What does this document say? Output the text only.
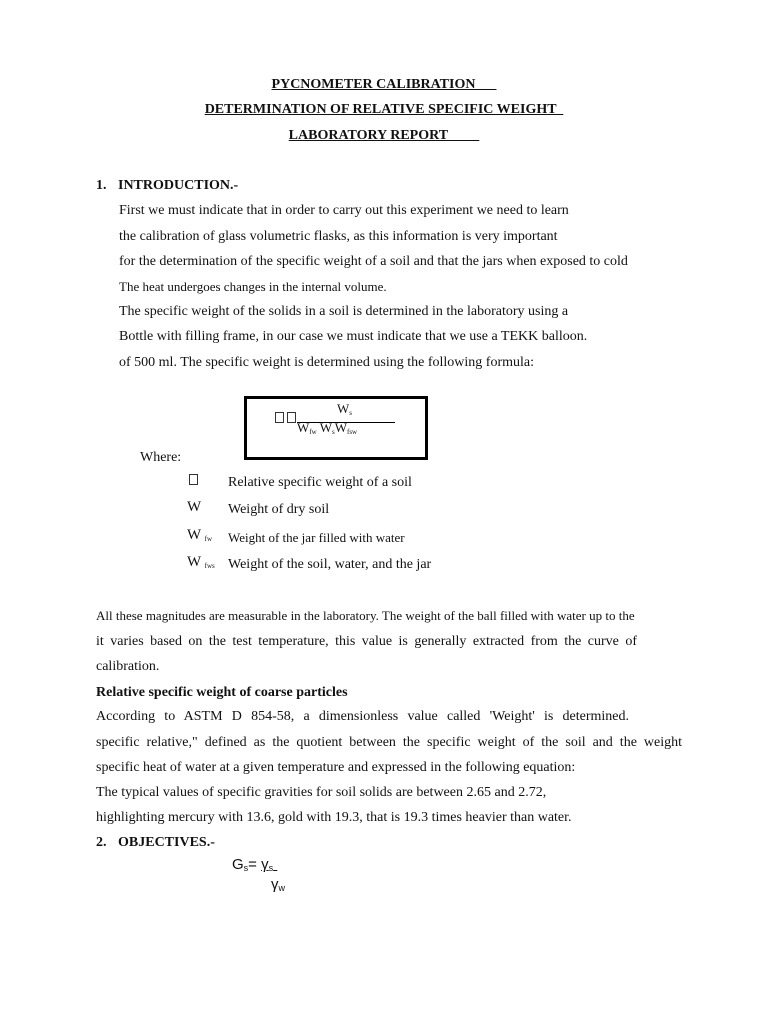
PYCNOMETER CALIBRATION
DETERMINATION OF RELATIVE SPECIFIC WEIGHT
LABORATORY REPORT
1. INTRODUCTION.-
First we must indicate that in order to carry out this experiment we need to learn
the calibration of glass volumetric flasks, as this information is very important
for the determination of the specific weight of a soil and that the jars when exposed to cold
The heat undergoes changes in the internal volume.
The specific weight of the solids in a soil is determined in the laboratory using a
Bottle with filling frame, in our case we must indicate that we use a TEKK balloon.
of 500 ml. The specific weight is determined using the following formula:

$W_s$
$W_{fw}$ $W_sW_{fsw}$
Where:
Relative specific weight of a soil
W Weight of dry soil
W $_{fw}$ Weight of the jar filled with water
W $_{fws}$ Weight of the soil, water, and the jar
All these magnitudes are measurable in the laboratory. The weight of the ball filled with water up to the
it varies based on the test temperature, this value is generally extracted from the curve of
calibration.
Relative specific weight of coarse particles
According to ASTM D 854-58, a dimensionless value called 'Weight' is determined.
specific relative," defined as the quotient between the specific weight of the soil and the weight
specific heat of water at a given temperature and expressed in the following equation:
The typical values of specific gravities for soil solids are between 2.65 and 2.72,
highlighting mercury with 13.6, gold with 19.3, that is 19.3 times heavier than water.
2. OBJECTIVES.-
$G_s= \gamma_s$
$\gamma_w$
